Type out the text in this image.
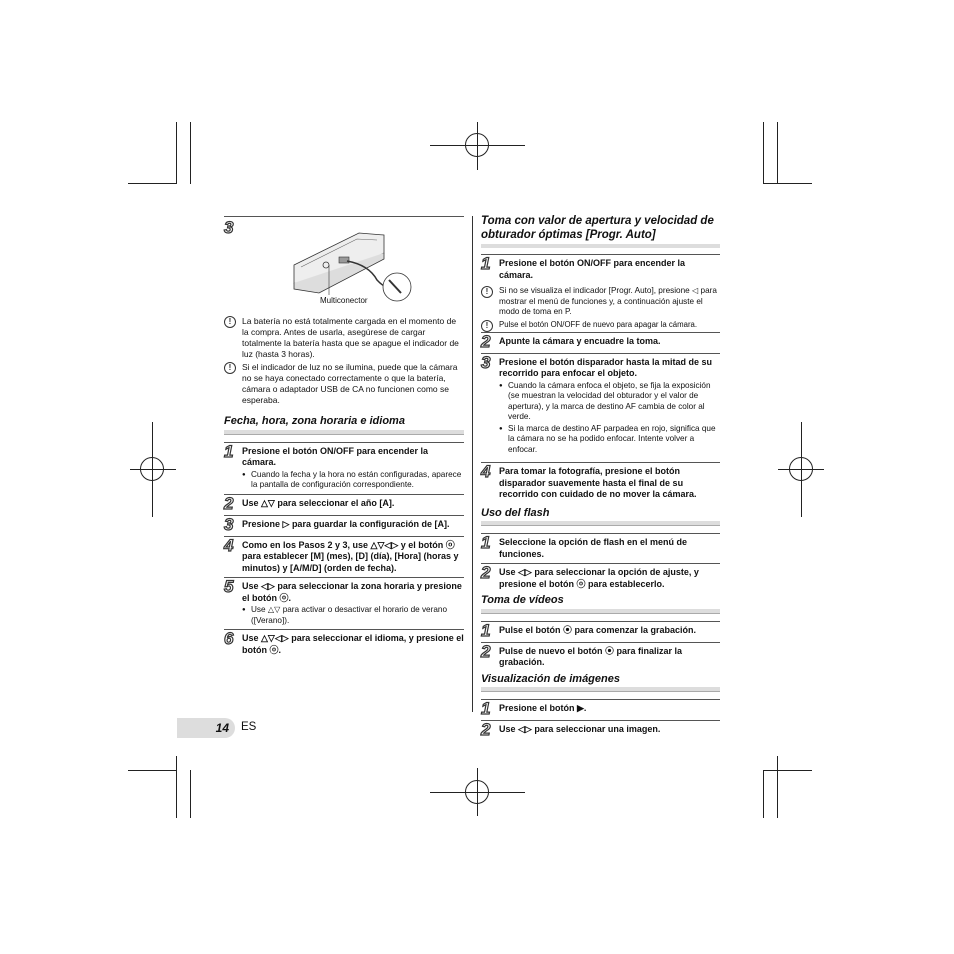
3
Multiconector
!	La batería no está totalmente cargada en el momento de la compra. Antes de usarla, asegúrese de cargar totalmente la batería hasta que se apague el indicador de luz (hasta 3 horas).
!	Si el indicador de luz no se ilumina, puede que la cámara no se haya conectado correctamente o que la batería, cámara o adaptador USB de CA no funcionen como se esperaba.
Fecha, hora, zona horaria e idioma
1 Presione el botón ON/OFF para encender la cámara.
● Cuando la fecha y la hora no están configuradas, aparece la pantalla de configuración correspondiente.
2 Use △▽ para seleccionar el año [A].
3 Presione ▷ para guardar la configuración de [A].
4 Como en los Pasos 2 y 3, use △▽◁▷ y el botón ⓞ para establecer [M] (mes), [D] (día), [Hora] (horas y minutos) y [A/M/D] (orden de fecha).
5 Use ◁▷ para seleccionar la zona horaria y presione el botón ⓞ.
● Use △▽ para activar o desactivar el horario de verano ([Verano]).
6 Use △▽◁▷ para seleccionar el idioma, y presione el botón ⓞ.
Toma con valor de apertura y velocidad de obturador óptimas [Progr. Auto]
1 Presione el botón ON/OFF para encender la cámara.
!	Si no se visualiza el indicador [Progr. Auto], presione ◁ para mostrar el menú de funciones y, a continuación ajuste el modo de toma en P.
!	Pulse el botón ON/OFF de nuevo para apagar la cámara.
2 Apunte la cámara y encuadre la toma.
3 Presione el botón disparador hasta la mitad de su recorrido para enfocar el objeto.
● Cuando la cámara enfoca el objeto, se fija la exposición (se muestran la velocidad del obturador y el valor de apertura), y la marca de destino AF cambia de color al verde.
● Si la marca de destino AF parpadea en rojo, significa que la cámara no se ha podido enfocar. Intente volver a enfocar.
4 Para tomar la fotografía, presione el botón disparador suavemente hasta el final de su recorrido con cuidado de no mover la cámara.
Uso del flash
1 Seleccione la opción de flash en el menú de funciones.
2 Use ◁▷ para seleccionar la opción de ajuste, y presione el botón ⓞ para establecerlo.
Toma de vídeos
1 Pulse el botón ⦿ para comenzar la grabación.
2 Pulse de nuevo el botón ⦿ para finalizar la grabación.
Visualización de imágenes
1 Presione el botón ▶.
2 Use ◁▷ para seleccionar una imagen.
14 ES
